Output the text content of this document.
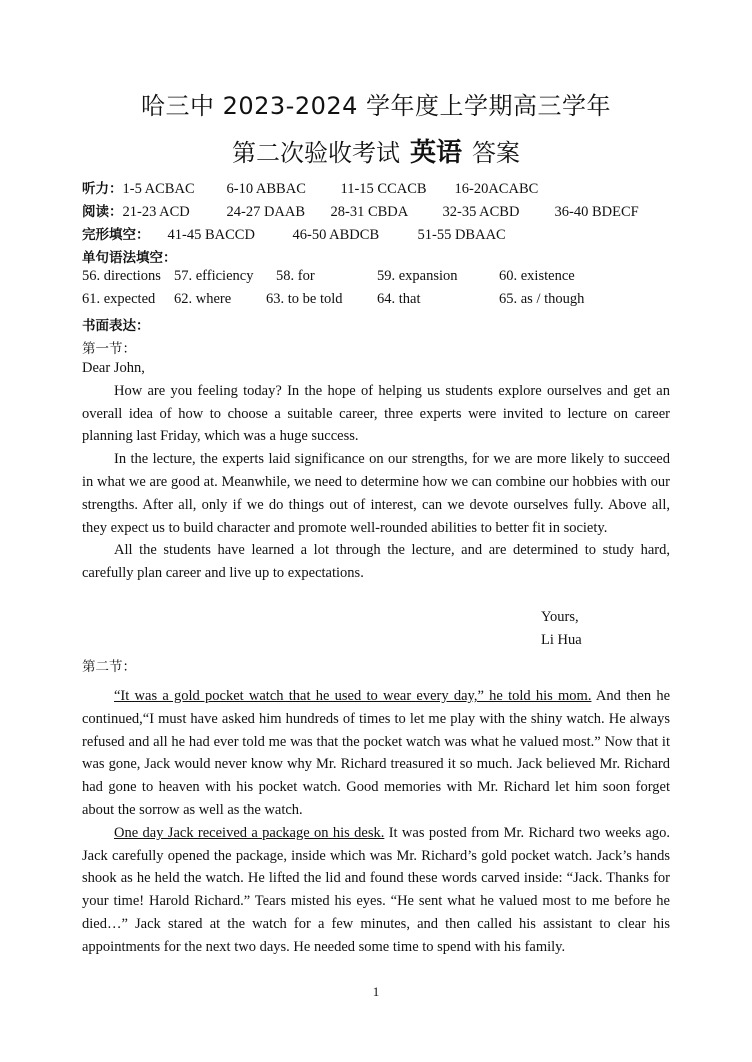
哈三中 2023-2024 学年度上学期高三学年
第二次验收考试 英语 答案
听力：1-5 ACBAC 6-10 ABBAC 11-15 CCACB 16-20ACABC
阅读：21-23 ACD	24-27 DAAB 28-31 CBDA 32-35 ACBD 36-40 BDECF
完形填空： 41-45 BACCD	46-50 ABDCB	51-55 DBAAC
单句语法填空：
56. directions 57. efficiency 58. for	59. expansion	60. existence
61. expected 62. where 63. to be told 64. that	65. as / though
书面表达：
第一节：

Dear John,

How are you feeling today? In the hope of helping us students explore ourselves and get an overall idea of how to choose a suitable career, three experts were invited to lecture on career planning last Friday, which was a huge success.

In the lecture, the experts laid significance on our strengths, for we are more likely to succeed in what we are good at. Meanwhile, we need to determine how we can combine our hobbies with our strengths. After all, only if we do things out of interest, can we devote ourselves fully. Above all, they expect us to build character and promote well-rounded abilities to better fit in society.

All the students have learned a lot through the lecture, and are determined to study hard, carefully plan career and live up to expectations.

Yours,
Li Hua
第二节：

“It was a gold pocket watch that he used to wear every day,” he told his mom. And then he continued,“I must have asked him hundreds of times to let me play with the shiny watch. He always refused and all he had ever told me was that the pocket watch was what he valued most.” Now that it was gone, Jack would never know why Mr. Richard treasured it so much. Jack believed Mr. Richard had gone to heaven with his pocket watch. Good memories with Mr. Richard let him soon forget about the sorrow as well as the watch.

One day Jack received a package on his desk. It was posted from Mr. Richard two weeks ago. Jack carefully opened the package, inside which was Mr. Richard’s gold pocket watch. Jack’s hands shook as he held the watch. He lifted the lid and found these words carved inside: “Jack. Thanks for your time! Harold Richard.” Tears misted his eyes. “He sent what he valued most to me before he died…” Jack stared at the watch for a few minutes, and then called his assistant to clear his appointments for the next two days. He needed some time to spend with his family.

1
